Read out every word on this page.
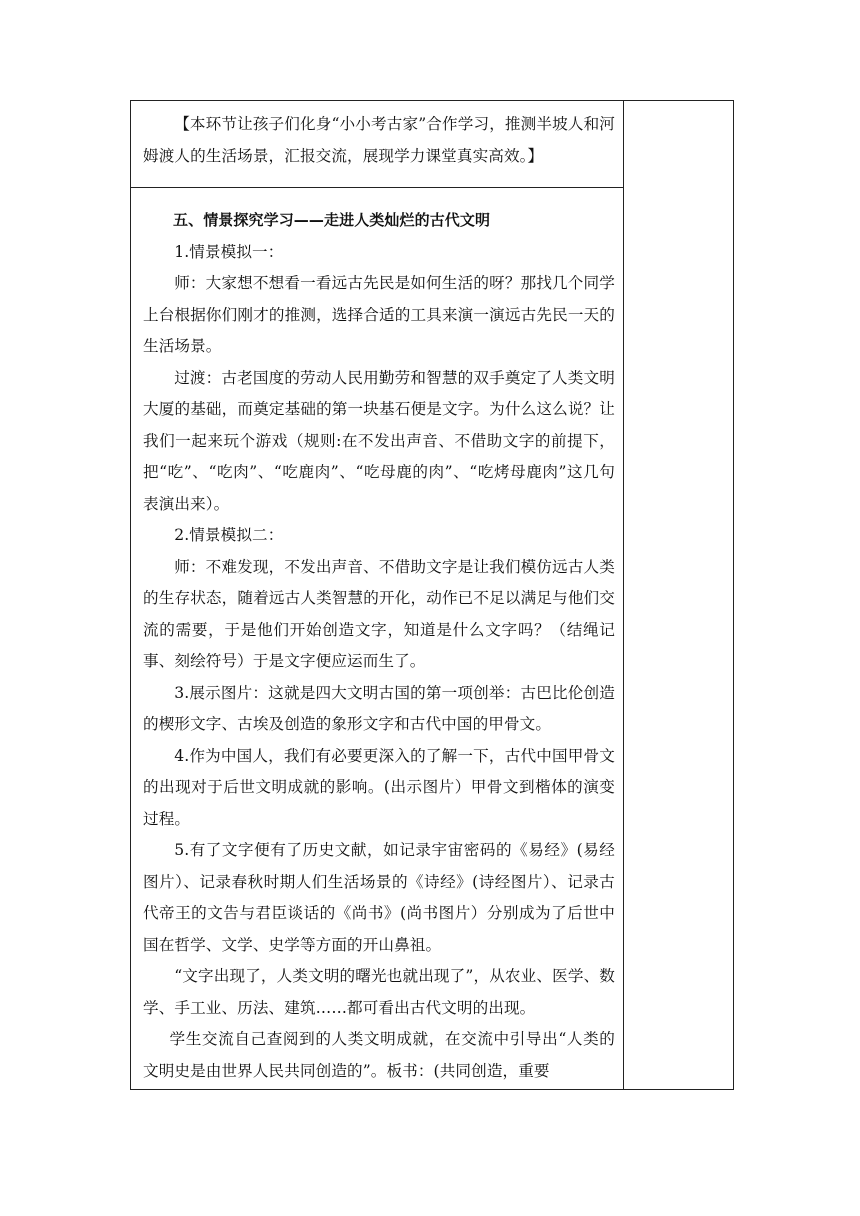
【本环节让孩子们化身“小小考古家”合作学习，推测半坡人和河姆渡人的生活场景，汇报交流，展现学力课堂真实高效。】

五、情景探究学习——走进人类灿烂的古代文明

1.情景模拟一：

师：大家想不想看一看远古先民是如何生活的呀？那找几个同学上台根据你们刚才的推测，选择合适的工具来演一演远古先民一天的生活场景。

过渡：古老国度的劳动人民用勤劳和智慧的双手奠定了人类文明大厦的基础，而奠定基础的第一块基石便是文字。为什么这么说？让我们一起来玩个游戏（规则:在不发出声音、不借助文字的前提下，把“吃”、“吃肉”、“吃鹿肉”、“吃母鹿的肉”、“吃烤母鹿肉”这几句表演出来）。

2.情景模拟二：

师：不难发现，不发出声音、不借助文字是让我们模仿远古人类的生存状态，随着远古人类智慧的开化，动作已不足以满足与他们交流的需要，于是他们开始创造文字，知道是什么文字吗？（结绳记事、刻绘符号）于是文字便应运而生了。

3.展示图片：这就是四大文明古国的第一项创举：古巴比伦创造的楔形文字、古埃及创造的象形文字和古代中国的甲骨文。

4.作为中国人，我们有必要更深入的了解一下，古代中国甲骨文的出现对于后世文明成就的影响。(出示图片）甲骨文到楷体的演变过程。

5.有了文字便有了历史文献，如记录宇宙密码的《易经》(易经图片）、记录春秋时期人们生活场景的《诗经》(诗经图片）、记录古代帝王的文告与君臣谈话的《尚书》(尚书图片）分别成为了后世中国在哲学、文学、史学等方面的开山鼻祖。

“文字出现了，人类文明的曙光也就出现了”，从农业、医学、数学、手工业、历法、建筑……都可看出古代文明的出现。

学生交流自己查阅到的人类文明成就，在交流中引导出“人类的文明史是由世界人民共同创造的”。板书：(共同创造，重要
